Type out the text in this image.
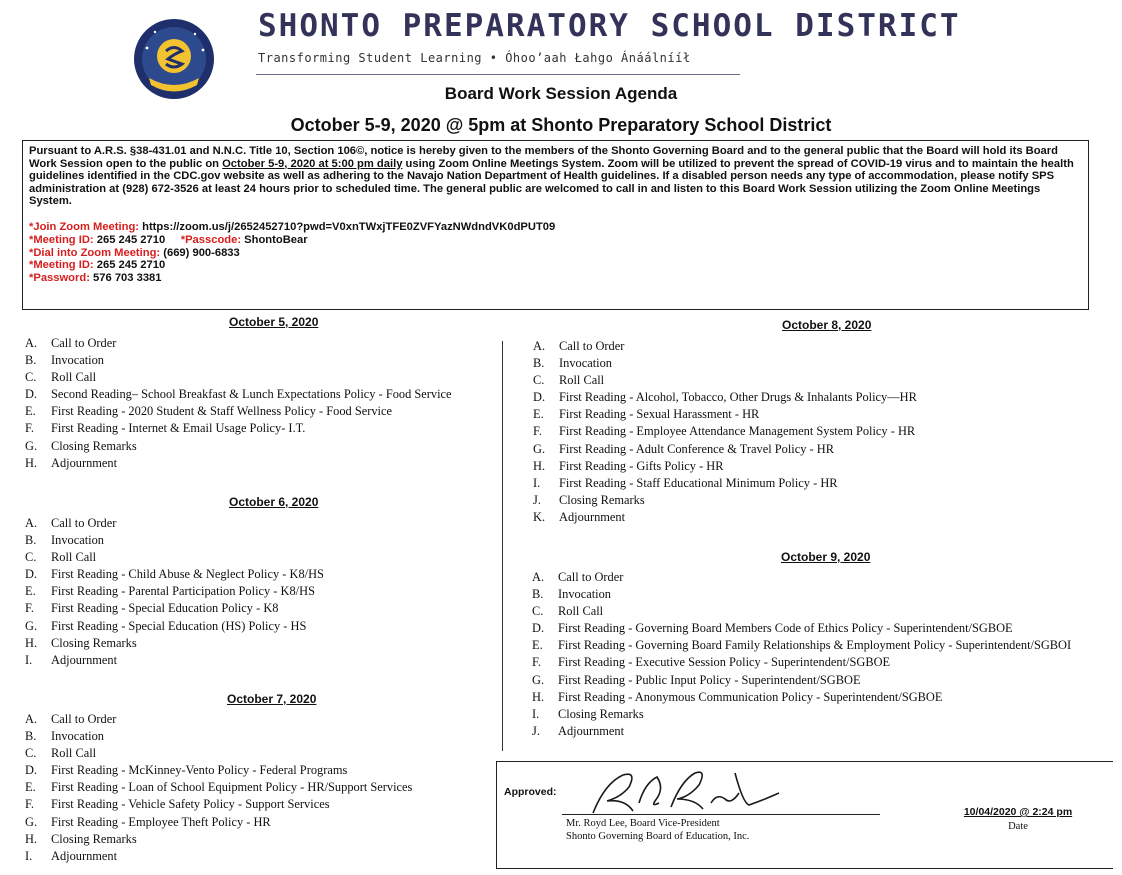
SHONTO PREPARATORY SCHOOL DISTRICT
Transforming Student Learning • Óhoo’aah Łahgo Ánáálnííł
Board Work Session Agenda
October 5-9, 2020 @ 5pm at Shonto Preparatory School District

Pursuant to A.R.S. §38-431.01 and N.N.C. Title 10, Section 106©, notice is hereby given to the members of the Shonto Governing Board and to the general public that the Board will hold its Board Work Session open to the public on October 5-9, 2020 at 5:00 pm daily using Zoom Online Meetings System. Zoom will be utilized to prevent the spread of COVID-19 virus and to maintain the health guidelines identified in the CDC.gov website as well as adhering to the Navajo Nation Department of Health guidelines. If a disabled person needs any type of accommodation, please notify SPS administration at (928) 672-3526 at least 24 hours prior to scheduled time. The general public are welcomed to call in and listen to this Board Work Session utilizing the Zoom Online Meetings System.

*Join Zoom Meeting: https://zoom.us/j/2652452710?pwd=V0xnTWxjTFE0ZVFYazNWdndVK0dPUT09
*Meeting ID: 265 245 2710 *Passcode: ShontoBear
*Dial into Zoom Meeting: (669) 900-6833
*Meeting ID: 265 245 2710
*Password: 576 703 3381
October 5, 2020
October 6, 2020
October 7, 2020
October 8, 2020
October 9, 2020
A. Call to Order
B. Invocation
C. Roll Call
D. Second Reading– School Breakfast & Lunch Expectations Policy - Food Service
E. First Reading - 2020 Student & Staff Wellness Policy - Food Service
F. First Reading - Internet & Email Usage Policy- I.T.
G. Closing Remarks
H. Adjournment
A. Call to Order
B. Invocation
C. Roll Call
D. First Reading - Child Abuse & Neglect Policy - K8/HS
E. First Reading - Parental Participation Policy - K8/HS
F. First Reading - Special Education Policy - K8
G. First Reading - Special Education (HS) Policy - HS
H. Closing Remarks
I. Adjournment
A. Call to Order
B. Invocation
C. Roll Call
D. First Reading - McKinney-Vento Policy - Federal Programs
E. First Reading - Loan of School Equipment Policy - HR/Support Services
F. First Reading - Vehicle Safety Policy - Support Services
G. First Reading - Employee Theft Policy - HR
H. Closing Remarks
I. Adjournment
A. Call to Order
B. Invocation
C. Roll Call
D. First Reading - Alcohol, Tobacco, Other Drugs & Inhalants Policy—HR
E. First Reading - Sexual Harassment - HR
F. First Reading - Employee Attendance Management System Policy - HR
G. First Reading - Adult Conference & Travel Policy - HR
H. First Reading - Gifts Policy - HR
I. First Reading - Staff Educational Minimum Policy - HR
J. Closing Remarks
K. Adjournment
A. Call to Order
B. Invocation
C. Roll Call
D. First Reading - Governing Board Members Code of Ethics Policy - Superintendent/SGBOE
E. First Reading - Governing Board Family Relationships & Employment Policy - Superintendent/SGBOI
F. First Reading - Executive Session Policy - Superintendent/SGBOE
G. First Reading - Public Input Policy - Superintendent/SGBOE
H. First Reading - Anonymous Communication Policy - Superintendent/SGBOE
I. Closing Remarks
J. Adjournment
Approved:
Mr. Royd Lee, Board Vice-President
Shonto Governing Board of Education, Inc.
10/04/2020 @ 2:24 pm
Date
